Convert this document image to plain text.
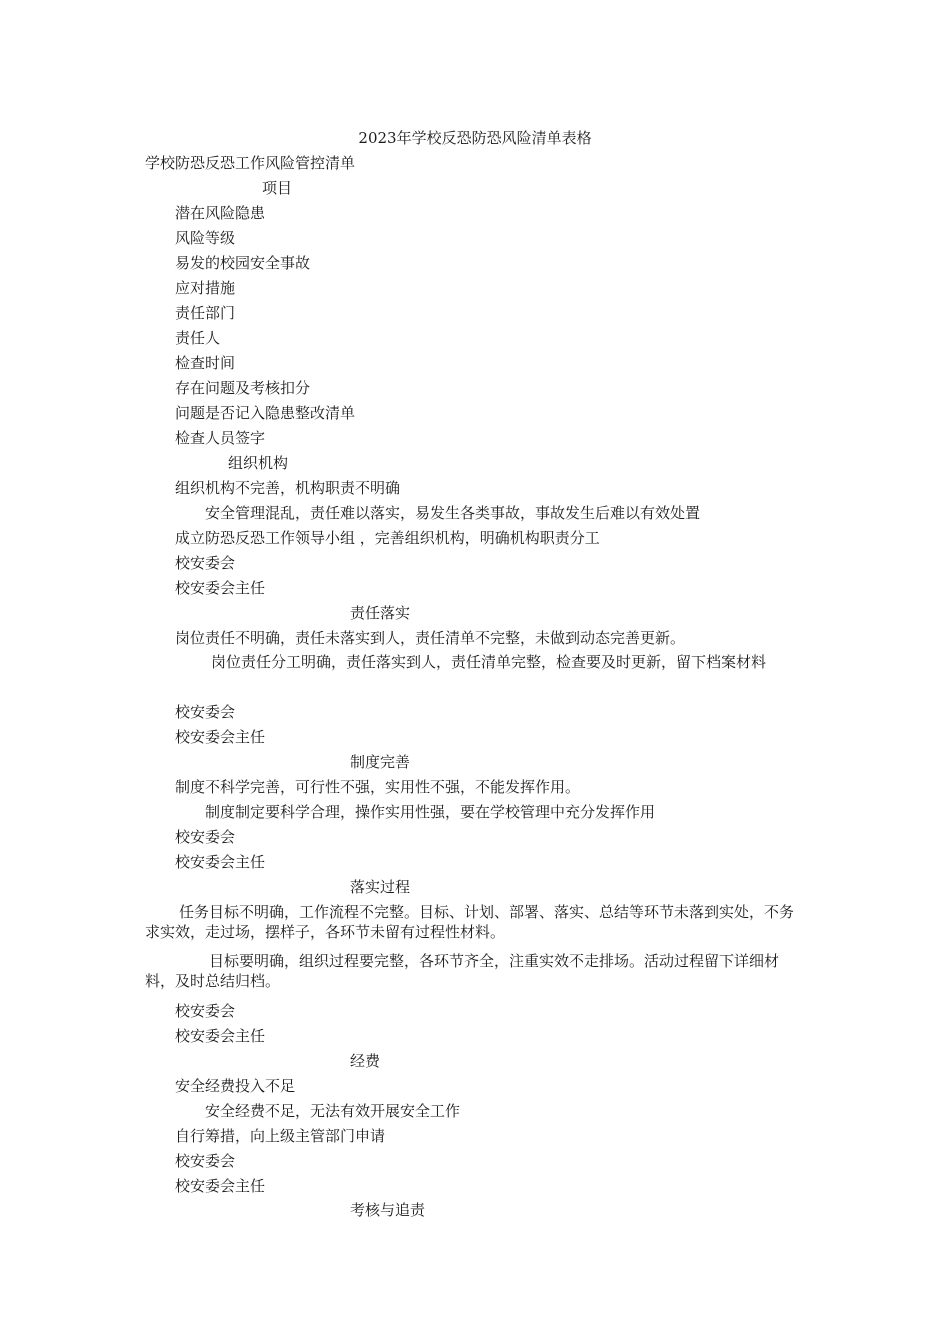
2023年学校反恐防恐风险清单表格
学校防恐反恐工作风险管控清单
项目
潜在风险隐患
风险等级
易发的校园安全事故
应对措施
责任部门
责任人
检查时间
存在问题及考核扣分
问题是否记入隐患整改清单
检查人员签字
组织机构
组织机构不完善，机构职责不明确
安全管理混乱，责任难以落实，易发生各类事故，事故发生后难以有效处置
成立防恐反恐工作领导小组 ，完善组织机构，明确机构职责分工
校安委会
校安委会主任
责任落实
岗位责任不明确，责任未落实到人，责任清单不完整，未做到动态完善更新。
岗位责任分工明确，责任落实到人，责任清单完整，检查要及时更新，留下档案材料
校安委会
校安委会主任
制度完善
制度不科学完善，可行性不强，实用性不强，不能发挥作用。
制度制定要科学合理，操作实用性强，要在学校管理中充分发挥作用
校安委会
校安委会主任
落实过程
任务目标不明确，工作流程不完整。目标、计划、部署、落实、总结等环节未落到实处，不务求实效，走过场，摆样子，各环节未留有过程性材料。
目标要明确，组织过程要完整，各环节齐全，注重实效不走排场。活动过程留下详细材料，及时总结归档。
校安委会
校安委会主任
经费
安全经费投入不足
安全经费不足，无法有效开展安全工作
自行筹措，向上级主管部门申请
校安委会
校安委会主任
考核与追责
